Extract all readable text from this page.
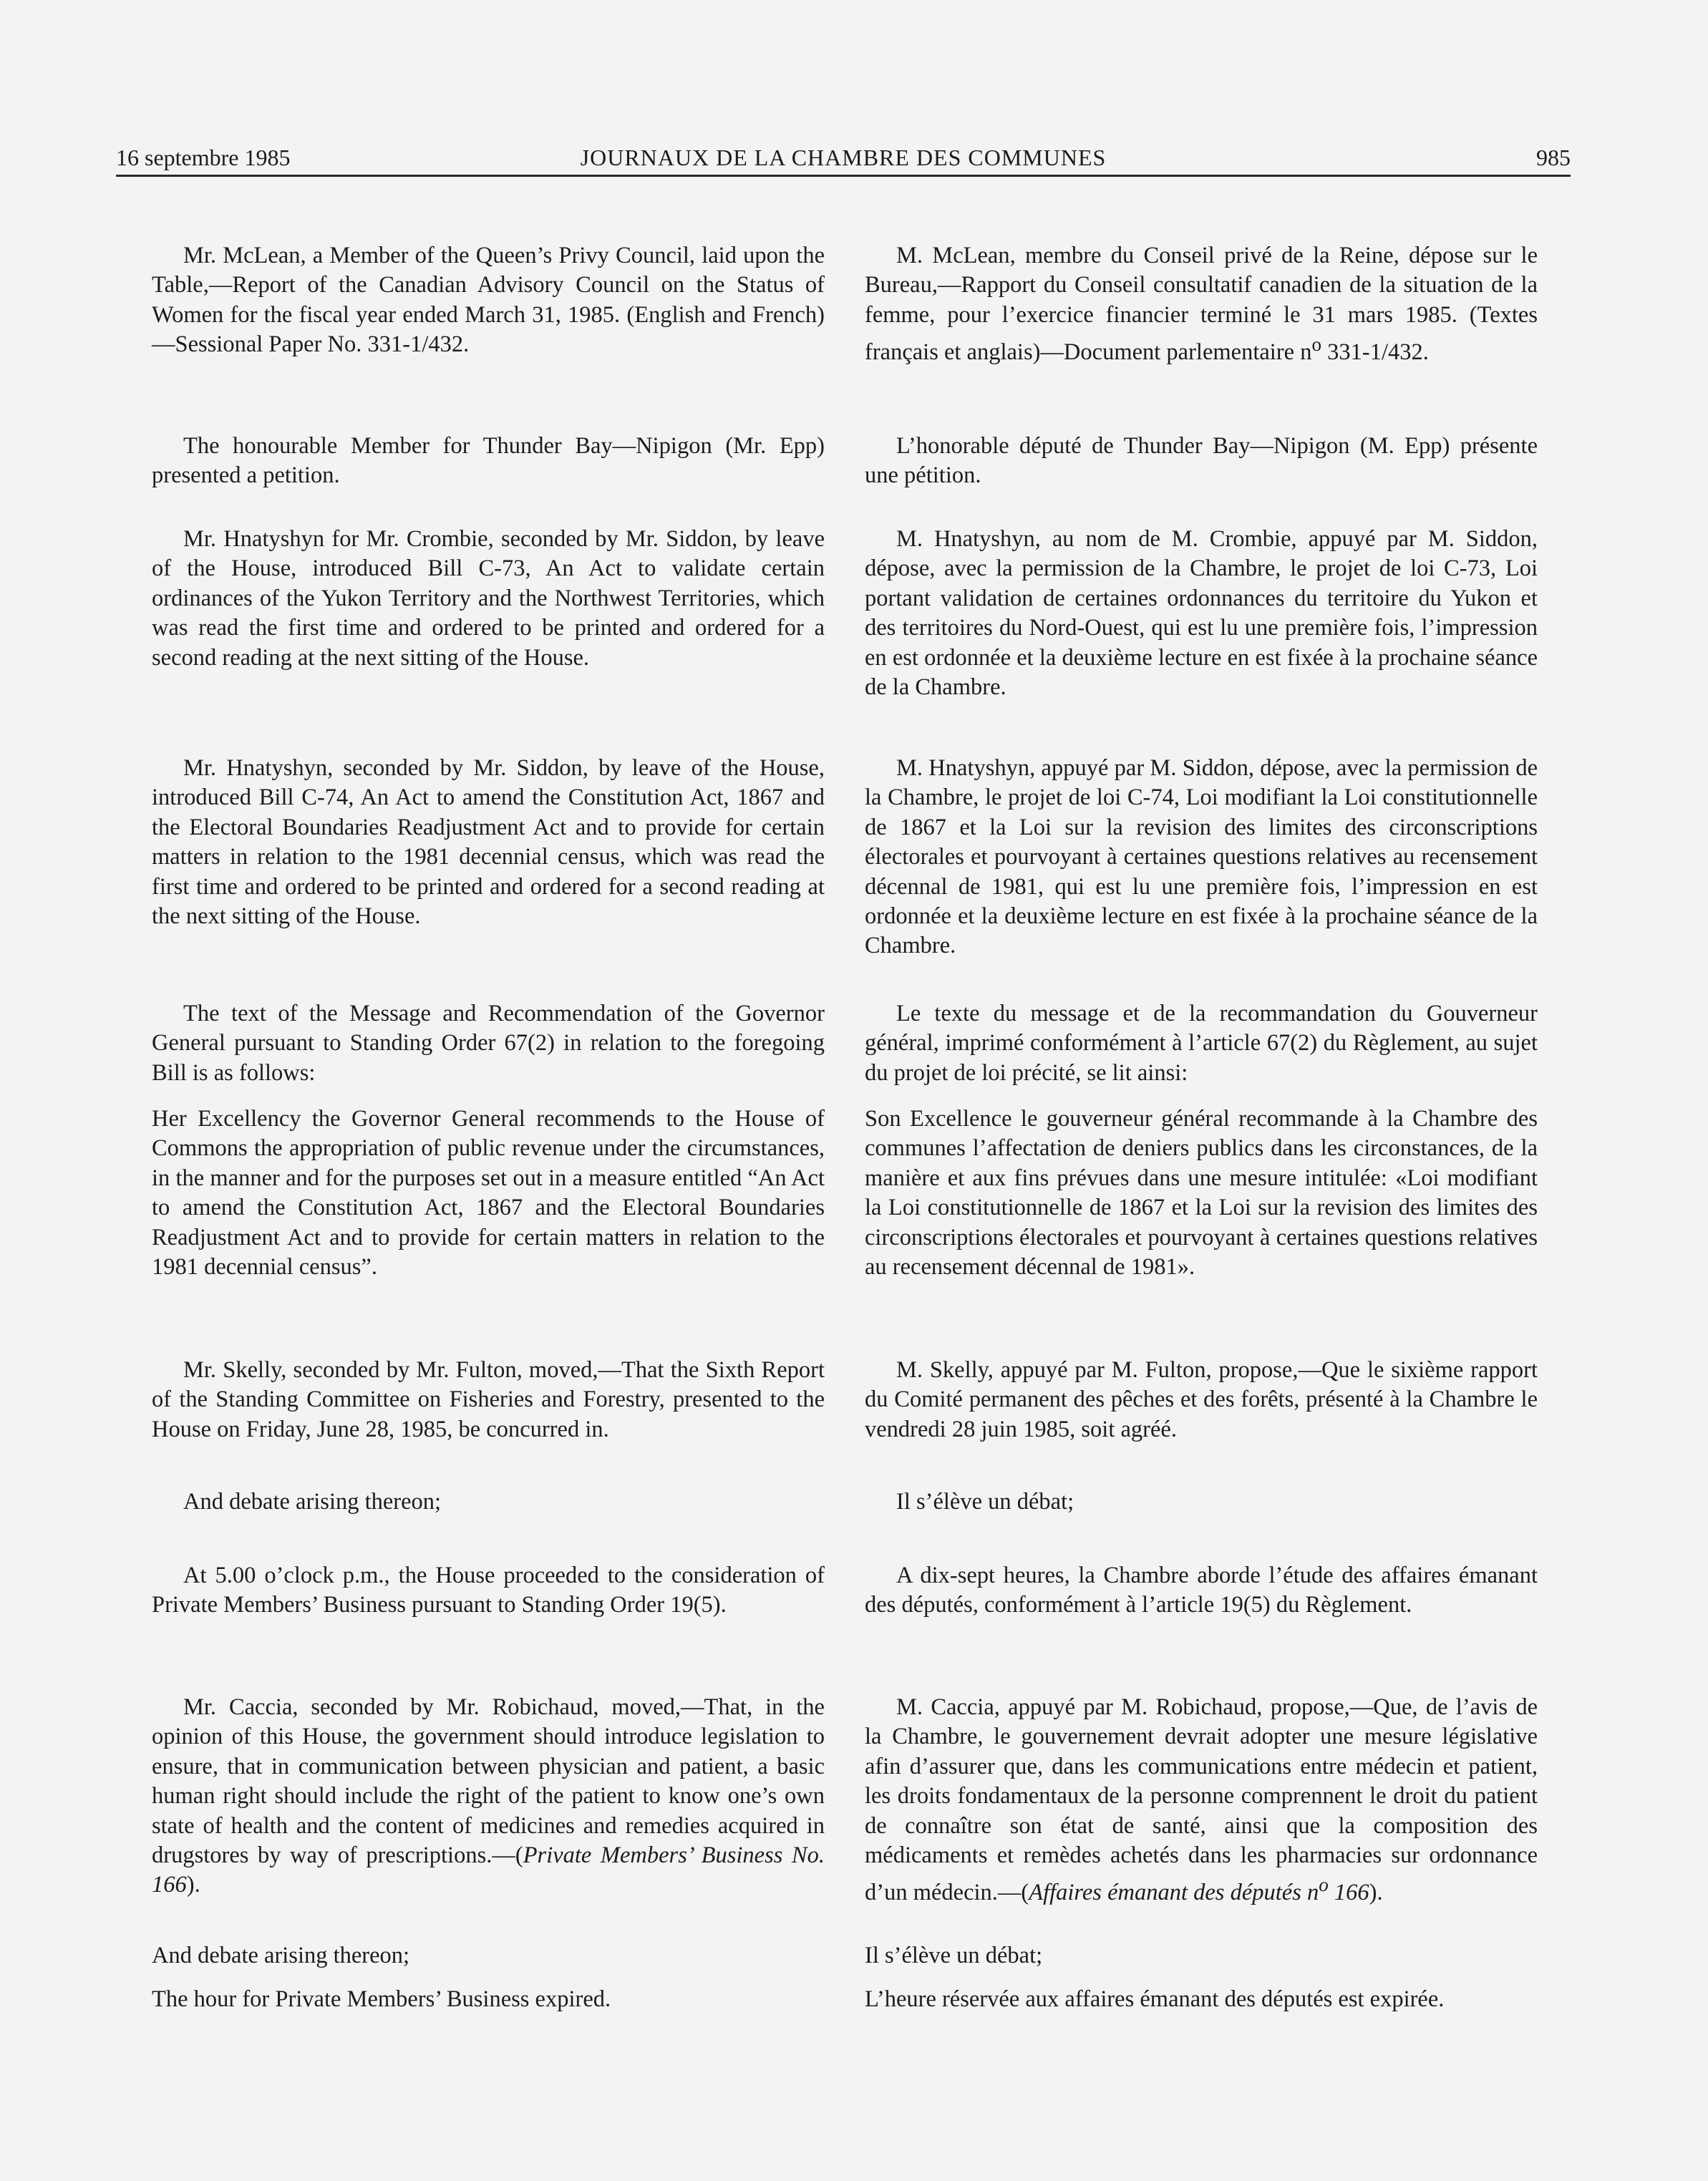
16 septembre 1985	JOURNAUX DE LA CHAMBRE DES COMMUNES	985

Mr. McLean, a Member of the Queen’s Privy Council, laid upon the Table,—Report of the Canadian Advisory Council on the Status of Women for the fiscal year ended March 31, 1985. (English and French)—Sessional Paper No. 331-1/432.

The honourable Member for Thunder Bay—Nipigon (Mr. Epp) presented a petition.

Mr. Hnatyshyn for Mr. Crombie, seconded by Mr. Siddon, by leave of the House, introduced Bill C-73, An Act to validate certain ordinances of the Yukon Territory and the Northwest Territories, which was read the first time and ordered to be printed and ordered for a second reading at the next sitting of the House.

Mr. Hnatyshyn, seconded by Mr. Siddon, by leave of the House, introduced Bill C-74, An Act to amend the Constitution Act, 1867 and the Electoral Boundaries Readjustment Act and to provide for certain matters in relation to the 1981 decennial census, which was read the first time and ordered to be printed and ordered for a second reading at the next sitting of the House.

The text of the Message and Recommendation of the Governor General pursuant to Standing Order 67(2) in relation to the foregoing Bill is as follows:

Her Excellency the Governor General recommends to the House of Commons the appropriation of public revenue under the circumstances, in the manner and for the purposes set out in a measure entitled “An Act to amend the Constitution Act, 1867 and the Electoral Boundaries Readjustment Act and to provide for certain matters in relation to the 1981 decennial census”.

Mr. Skelly, seconded by Mr. Fulton, moved,—That the Sixth Report of the Standing Committee on Fisheries and Forestry, presented to the House on Friday, June 28, 1985, be concurred in.

And debate arising thereon;

At 5.00 o’clock p.m., the House proceeded to the consideration of Private Members’ Business pursuant to Standing Order 19(5).

Mr. Caccia, seconded by Mr. Robichaud, moved,—That, in the opinion of this House, the government should introduce legislation to ensure, that in communication between physician and patient, a basic human right should include the right of the patient to know one’s own state of health and the content of medicines and remedies acquired in drugstores by way of prescriptions.—(Private Members’ Business No. 166).

And debate arising thereon;

The hour for Private Members’ Business expired.

M. McLean, membre du Conseil privé de la Reine, dépose sur le Bureau,—Rapport du Conseil consultatif canadien de la situation de la femme, pour l’exercice financier terminé le 31 mars 1985. (Textes français et anglais)—Document parlementaire $n^o$ 331-1/432.

L’honorable député de Thunder Bay—Nipigon (M. Epp) présente une pétition.

M. Hnatyshyn, au nom de M. Crombie, appuyé par M. Siddon, dépose, avec la permission de la Chambre, le projet de loi C-73, Loi portant validation de certaines ordonnances du territoire du Yukon et des territoires du Nord-Ouest, qui est lu une première fois, l’impression en est ordonnée et la deuxième lecture en est fixée à la prochaine séance de la Chambre.

M. Hnatyshyn, appuyé par M. Siddon, dépose, avec la permission de la Chambre, le projet de loi C-74, Loi modifiant la Loi constitutionnelle de 1867 et la Loi sur la revision des limites des circonscriptions électorales et pourvoyant à certaines questions relatives au recensement décennal de 1981, qui est lu une première fois, l’impression en est ordonnée et la deuxième lecture en est fixée à la prochaine séance de la Chambre.

Le texte du message et de la recommandation du Gouverneur général, imprimé conformément à l’article 67(2) du Règlement, au sujet du projet de loi précité, se lit ainsi:

Son Excellence le gouverneur général recommande à la Chambre des communes l’affectation de deniers publics dans les circonstances, de la manière et aux fins prévues dans une mesure intitulée: «Loi modifiant la Loi constitutionnelle de 1867 et la Loi sur la revision des limites des circonscriptions électorales et pourvoyant à certaines questions relatives au recensement décennal de 1981».

M. Skelly, appuyé par M. Fulton, propose,—Que le sixième rapport du Comité permanent des pêches et des forêts, présenté à la Chambre le vendredi 28 juin 1985, soit agréé.

Il s’élève un débat;

A dix-sept heures, la Chambre aborde l’étude des affaires émanant des députés, conformément à l’article 19(5) du Règlement.

M. Caccia, appuyé par M. Robichaud, propose,—Que, de l’avis de la Chambre, le gouvernement devrait adopter une mesure législative afin d’assurer que, dans les communications entre médecin et patient, les droits fondamentaux de la personne comprennent le droit du patient de connaître son état de santé, ainsi que la composition des médicaments et remèdes achetés dans les pharmacies sur ordonnance d’un médecin.—(Affaires émanant des députés $n^o$ 166).

Il s’élève un débat;

L’heure réservée aux affaires émanant des députés est expirée.
